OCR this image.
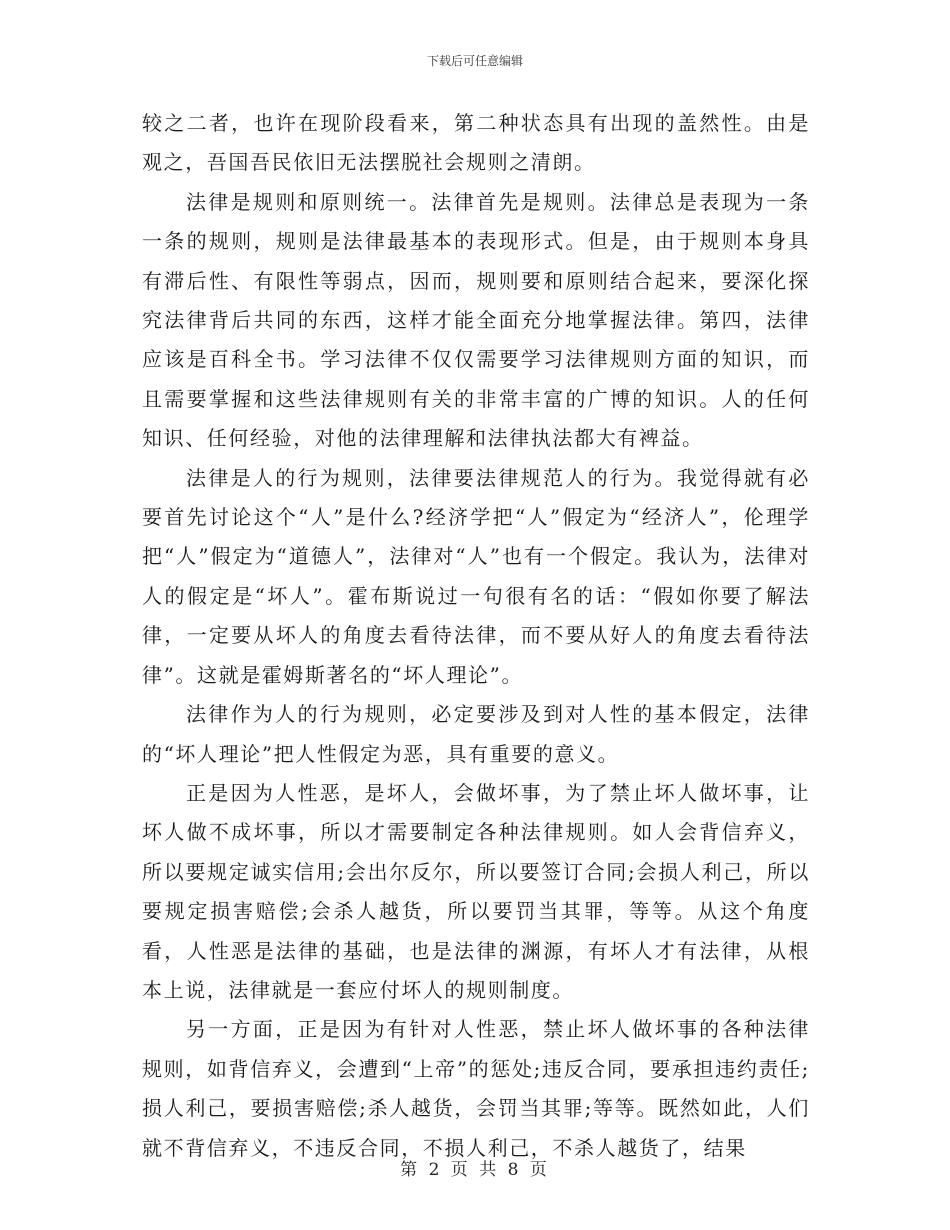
下载后可任意编辑

较之二者，也许在现阶段看来，第二种状态具有出现的盖然性。由是观之，吾国吾民依旧无法摆脱社会规则之清朗。

法律是规则和原则统一。法律首先是规则。法律总是表现为一条一条的规则，规则是法律最基本的表现形式。但是，由于规则本身具有滞后性、有限性等弱点，因而，规则要和原则结合起来，要深化探究法律背后共同的东西，这样才能全面充分地掌握法律。第四，法律应该是百科全书。学习法律不仅仅需要学习法律规则方面的知识，而且需要掌握和这些法律规则有关的非常丰富的广博的知识。人的任何知识、任何经验，对他的法律理解和法律执法都大有裨益。

法律是人的行为规则，法律要法律规范人的行为。我觉得就有必要首先讨论这个“人”是什么?经济学把“人”假定为“经济人”，伦理学把“人”假定为“道德人”，法律对“人”也有一个假定。我认为，法律对人的假定是“坏人”。霍布斯说过一句很有名的话：“假如你要了解法律，一定要从坏人的角度去看待法律，而不要从好人的角度去看待法律”。这就是霍姆斯著名的“坏人理论”。

法律作为人的行为规则，必定要涉及到对人性的基本假定，法律的“坏人理论”把人性假定为恶，具有重要的意义。

正是因为人性恶，是坏人，会做坏事，为了禁止坏人做坏事，让坏人做不成坏事，所以才需要制定各种法律规则。如人会背信弃义，所以要规定诚实信用;会出尔反尔，所以要签订合同;会损人利己，所以要规定损害赔偿;会杀人越货，所以要罚当其罪，等等。从这个角度看，人性恶是法律的基础，也是法律的渊源，有坏人才有法律，从根本上说，法律就是一套应付坏人的规则制度。

另一方面，正是因为有针对人性恶，禁止坏人做坏事的各种法律规则，如背信弃义，会遭到“上帝”的惩处;违反合同，要承担违约责任;损人利己，要损害赔偿;杀人越货，会罚当其罪;等等。既然如此，人们就不背信弃义，不违反合同，不损人利己，不杀人越货了，结果

第 2 页 共 8 页
